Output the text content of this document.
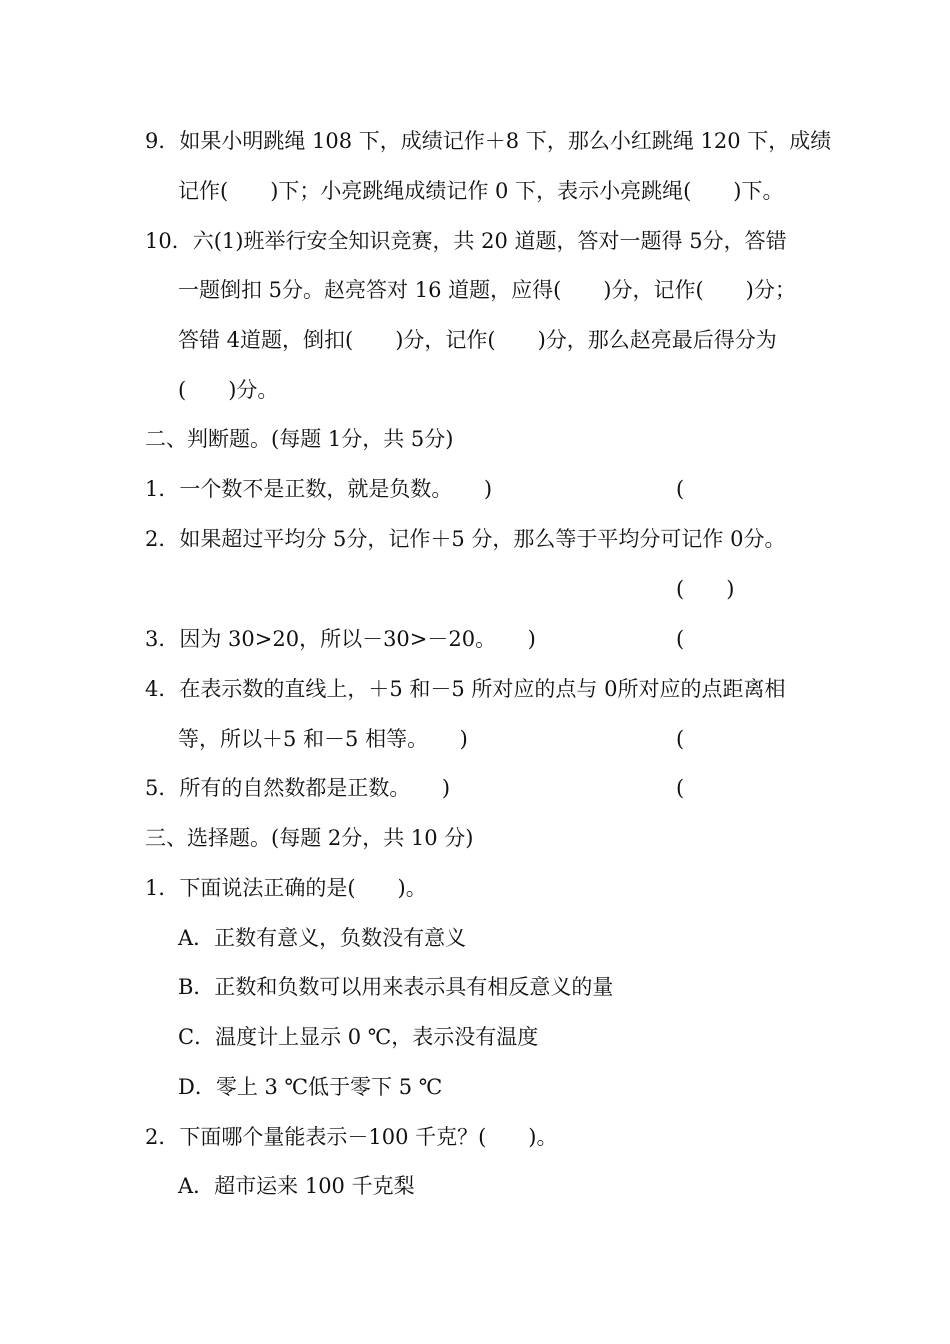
9．如果小明跳绳 108 下，成绩记作＋8 下，那么小红跳绳 120 下，成绩
记作(　　)下；小亮跳绳成绩记作 0 下，表示小亮跳绳(　　)下。
10．六(1)班举行安全知识竞赛，共 20 道题，答对一题得 5分，答错
一题倒扣 5分。赵亮答对 16 道题，应得(　　)分，记作(　　)分；
答错 4道题，倒扣(　　)分，记作(　　)分，那么赵亮最后得分为
(　　)分。
二、判断题。(每题 1分，共 5分)
1．一个数不是正数，就是负数。　　)	(
2．如果超过平均分 5分，记作＋5 分，那么等于平均分可记作 0分。
(　　)
3．因为 30>20，所以－30>－20。　　)	(
4．在表示数的直线上，＋5 和－5 所对应的点与 0所对应的点距离相
等，所以＋5 和－5 相等。　　)	(
5．所有的自然数都是正数。　　)	(
三、选择题。(每题 2分，共 10 分)
1．下面说法正确的是(　　)。
A．正数有意义，负数没有意义
B．正数和负数可以用来表示具有相反意义的量
C．温度计上显示 0 ℃，表示没有温度
D．零上 3 ℃低于零下 5 ℃
2．下面哪个量能表示－100 千克？(　　)。
A．超市运来 100 千克梨
